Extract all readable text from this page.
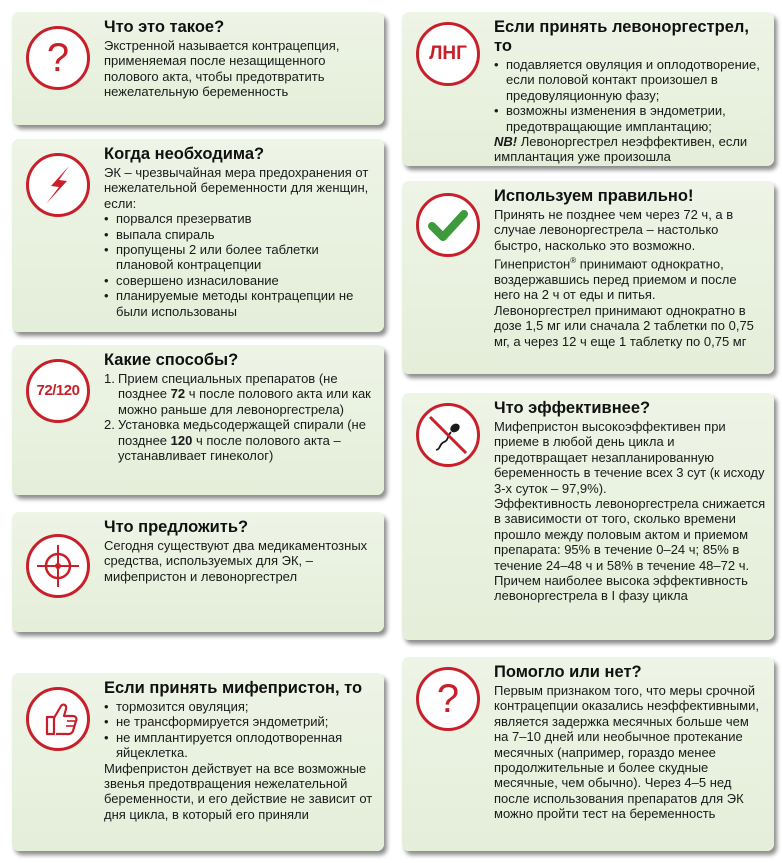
?
Что это такое?

Экстренной называется контрацепция, применяемая после незащищенного полового акта, чтобы предотвратить нежелательную беременность

Когда необходима?

ЭК – чрезвычайная мера предохранения от нежелательной беременности для женщин, если:

• порвался презерватив
• выпала спираль
• пропущены 2 или более таблетки плановой контрацепции
• совершено изнасилование
• планируемые методы контрацепции не были использованы
72/120
Какие способы?
1. Прием специальных препаратов (не позднее 72 ч после полового акта или как можно раньше для левоноргестрела)
2. Установка медьсодержащей спирали (не позднее 120 ч после полового акта – устанавливает гинеколог)
Что предложить?

Сегодня существуют два медикаментозных средства, используемых для ЭК, – мифепристон и левоноргестрел

Если принять мифепристон, то
• тормозится овуляция;
• не трансформируется эндометрий;
• не имплантируется оплодотворенная яйцеклетка.

Мифепристон действует на все возможные звенья предотвращения нежелательной беременности, и его действие не зависит от дня цикла, в который его приняли

ЛНГ
Если принять левоноргестрел, то
• подавляется овуляция и оплодотворение, если половой контакт произошел в предовуляционную фазу;
• возможны изменения в эндометрии, предотвращающие имплантацию;

NB! Левоноргестрел неэффективен, если имплантация уже произошла

Используем правильно!

Принять не позднее чем через 72 ч, а в случае левоноргестрела – настолько быстро, насколько это возможно.

Гинепристон® принимают однократно, воздержавшись перед приемом и после него на 2 ч от еды и питья.

Левоноргестрел принимают однократно в дозе 1,5 мг или сначала 2 таблетки по 0,75 мг, а через 12 ч еще 1 таблетку по 0,75 мг

Что эффективнее?

Мифепристон высокоэффективен при приеме в любой день цикла и предотвращает незапланированную беременность в течение всех 3 сут (к исходу 3-х суток – 97,9%).

Эффективность левоноргестрела снижается в зависимости от того, сколько времени прошло между половым актом и приемом препарата: 95% в течение 0–24 ч; 85% в течение 24–48 ч и 58% в течение 48–72 ч. Причем наиболее высока эффективность левоноргестрела в I фазу цикла

?
Помогло или нет?

Первым признаком того, что меры срочной контрацепции оказались неэффективными, является задержка месячных больше чем на 7–10 дней или необычное протекание месячных (например, гораздо менее продолжительные и более скудные месячные, чем обычно). Через 4–5 нед после использования препаратов для ЭК можно пройти тест на беременность
